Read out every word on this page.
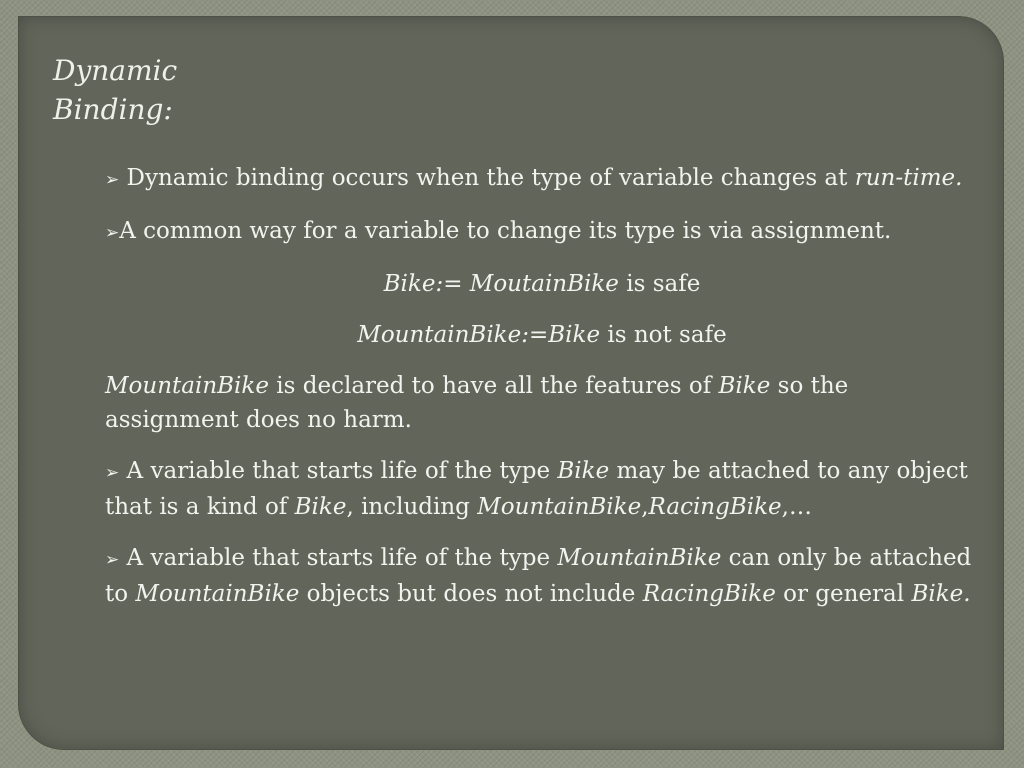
Dynamic
Binding:

➢ Dynamic binding occurs when the type of variable changes at run-time.

➢A common way for a variable to change its type is via assignment.

Bike:= MoutainBike is safe

MountainBike:=Bike is not safe

MountainBike is declared to have all the features of Bike so the assignment does no harm.

➢ A variable that starts life of the type Bike may be attached to any object that is a kind of Bike, including MountainBike,RacingBike,…

➢ A variable that starts life of the type MountainBike can only be attached to MountainBike objects but does not include RacingBike or general Bike.
